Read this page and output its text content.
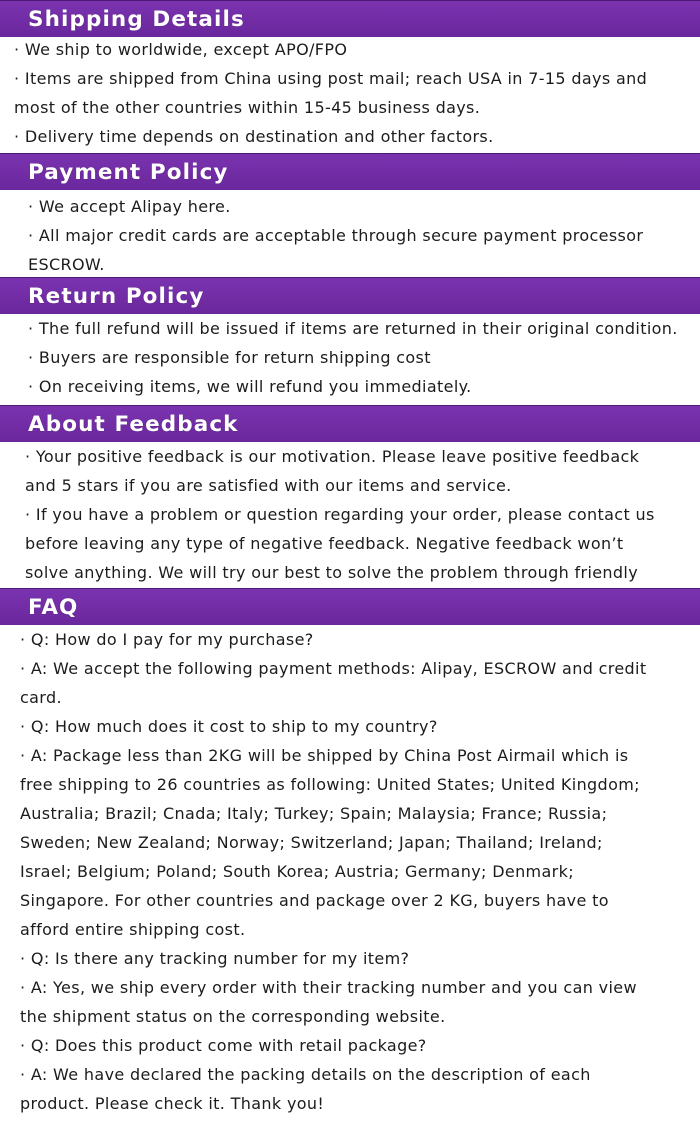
Shipping Details
· We ship to worldwide, except APO/FPO
· Items are shipped from China using post mail; reach USA in 7-15 days and
most of the other countries within 15-45 business days.
· Delivery time depends on destination and other factors.
Payment Policy
· We accept Alipay here.
· All major credit cards are acceptable through secure payment processor
ESCROW.
Return Policy
· The full refund will be issued if items are returned in their original condition.
· Buyers are responsible for return shipping cost
· On receiving items, we will refund you immediately.
About Feedback
· Your positive feedback is our motivation. Please leave positive feedback
and 5 stars if you are satisfied with our items and service.
· If you have a problem or question regarding your order, please contact us
before leaving any type of negative feedback. Negative feedback won’t
solve anything. We will try our best to solve the problem through friendly
FAQ
· Q: How do I pay for my purchase?
· A: We accept the following payment methods: Alipay, ESCROW and credit
card.
· Q: How much does it cost to ship to my country?
· A: Package less than 2KG will be shipped by China Post Airmail which is
free shipping to 26 countries as following: United States; United Kingdom;
Australia; Brazil; Cnada; Italy; Turkey; Spain; Malaysia; France; Russia;
Sweden; New Zealand; Norway; Switzerland; Japan; Thailand; Ireland;
Israel; Belgium; Poland; South Korea; Austria; Germany; Denmark;
Singapore. For other countries and package over 2 KG, buyers have to
afford entire shipping cost.
· Q: Is there any tracking number for my item?
· A: Yes, we ship every order with their tracking number and you can view
the shipment status on the corresponding website.
· Q: Does this product come with retail package?
· A: We have declared the packing details on the description of each
product. Please check it. Thank you!
